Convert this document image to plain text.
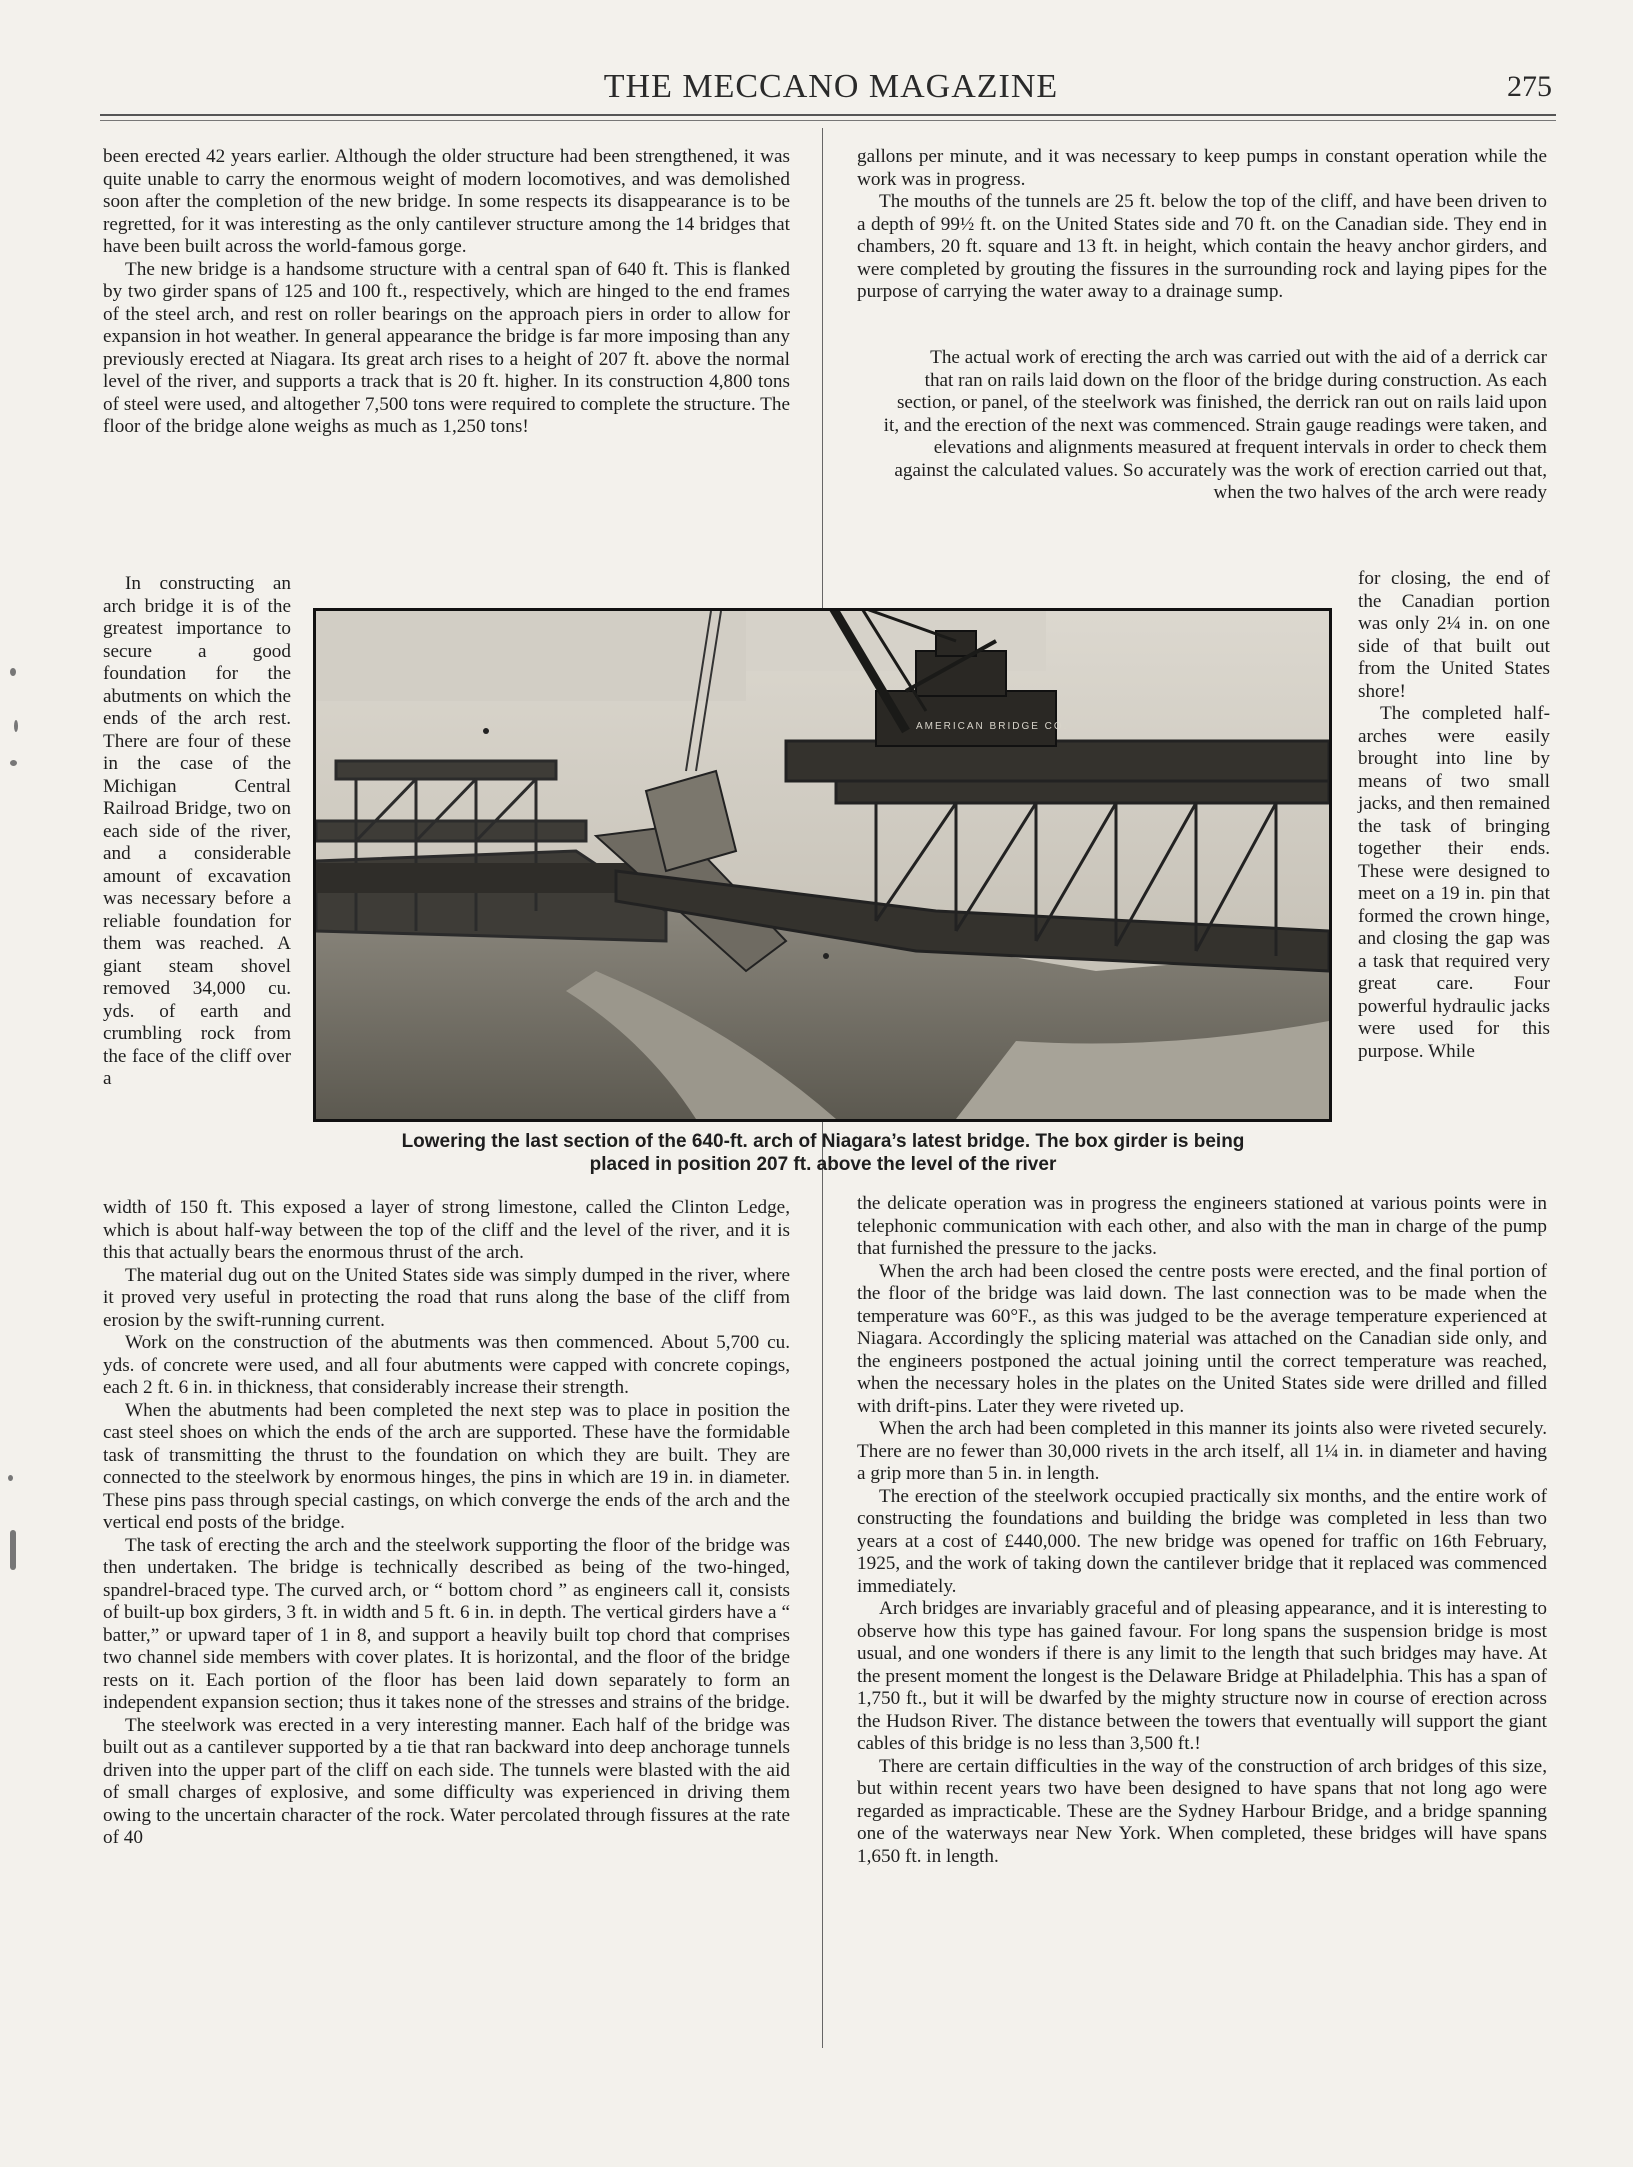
THE MECCANO MAGAZINE	275

been erected 42 years earlier. Although the older structure had been strengthened, it was quite unable to carry the enormous weight of modern locomotives, and was demolished soon after the completion of the new bridge. In some respects its disappearance is to be regretted, for it was interesting as the only cantilever structure among the 14 bridges that have been built across the world-famous gorge.

The new bridge is a handsome structure with a central span of 640 ft. This is flanked by two girder spans of 125 and 100 ft., respectively, which are hinged to the end frames of the steel arch, and rest on roller bearings on the approach piers in order to allow for expansion in hot weather. In general appearance the bridge is far more imposing than any previously erected at Niagara. Its great arch rises to a height of 207 ft. above the normal level of the river, and supports a track that is 20 ft. higher. In its construction 4,800 tons of steel were used, and altogether 7,500 tons were required to complete the structure. The floor of the bridge alone weighs as much as 1,250 tons!

In constructing an arch bridge it is of the greatest importance to secure a good foundation for the abutments on which the ends of the arch rest. There are four of these in the case of the Michigan Central Railroad Bridge, two on each side of the river, and a considerable amount of excavation was necessary before a reliable foundation for them was reached. A giant steam shovel removed 34,000 cu. yds. of earth and crumbling rock from the face of the cliff over a

width of 150 ft. This exposed a layer of strong limestone, called the Clinton Ledge, which is about half-way between the top of the cliff and the level of the river, and it is this that actually bears the enormous thrust of the arch.

The material dug out on the United States side was simply dumped in the river, where it proved very useful in protecting the road that runs along the base of the cliff from erosion by the swift-running current.

Work on the construction of the abutments was then commenced. About 5,700 cu. yds. of concrete were used, and all four abutments were capped with concrete copings, each 2 ft. 6 in. in thickness, that considerably increase their strength.

When the abutments had been completed the next step was to place in position the cast steel shoes on which the ends of the arch are supported. These have the formidable task of transmitting the thrust to the foundation on which they are built. They are connected to the steelwork by enormous hinges, the pins in which are 19 in. in diameter. These pins pass through special castings, on which converge the ends of the arch and the vertical end posts of the bridge.

The task of erecting the arch and the steelwork supporting the floor of the bridge was then undertaken. The bridge is technically described as being of the two-hinged, spandrel-braced type. The curved arch, or “ bottom chord ” as engineers call it, consists of built-up box girders, 3 ft. in width and 5 ft. 6 in. in depth. The vertical girders have a “ batter,” or upward taper of 1 in 8, and support a heavily built top chord that comprises two channel side members with cover plates. It is horizontal, and the floor of the bridge rests on it. Each portion of the floor has been laid down separately to form an independent expansion section; thus it takes none of the stresses and strains of the bridge.

The steelwork was erected in a very interesting manner. Each half of the bridge was built out as a cantilever supported by a tie that ran backward into deep anchorage tunnels driven into the upper part of the cliff on each side. The tunnels were blasted with the aid of small charges of explosive, and some difficulty was experienced in driving them owing to the uncertain character of the rock. Water percolated through fissures at the rate of 40

gallons per minute, and it was necessary to keep pumps in constant operation while the work was in progress.

The mouths of the tunnels are 25 ft. below the top of the cliff, and have been driven to a depth of 99½ ft. on the United States side and 70 ft. on the Canadian side. They end in chambers, 20 ft. square and 13 ft. in height, which contain the heavy anchor girders, and were completed by grouting the fissures in the surrounding rock and laying pipes for the purpose of carrying the water away to a drainage sump.

The actual work of erecting the arch was carried out with the aid of a derrick car that ran on rails laid down on the floor of the bridge during construction. As each section, or panel, of the steelwork was finished, the derrick ran out on rails laid upon it, and the erection of the next was commenced. Strain gauge readings were taken, and elevations and alignments measured at frequent intervals in order to check them against the calculated values. So accurately was the work of erection carried out that, when the two halves of the arch were ready

for closing, the end of the Canadian portion was only 2¼ in. on one side of that built out from the United States shore!

The completed half-arches were easily brought into line by means of two small jacks, and then remained the task of bringing together their ends. These were designed to meet on a 19 in. pin that formed the crown hinge, and closing the gap was a task that required very great care. Four powerful hydraulic jacks were used for this purpose. While

the delicate operation was in progress the engineers stationed at various points were in telephonic communication with each other, and also with the man in charge of the pump that furnished the pressure to the jacks.

When the arch had been closed the centre posts were erected, and the final portion of the floor of the bridge was laid down. The last connection was to be made when the temperature was 60°F., as this was judged to be the average temperature experienced at Niagara. Accordingly the splicing material was attached on the Canadian side only, and the engineers postponed the actual joining until the correct temperature was reached, when the necessary holes in the plates on the United States side were drilled and filled with drift-pins. Later they were riveted up.

When the arch had been completed in this manner its joints also were riveted securely. There are no fewer than 30,000 rivets in the arch itself, all 1¼ in. in diameter and having a grip more than 5 in. in length.

The erection of the steelwork occupied practically six months, and the entire work of constructing the foundations and building the bridge was completed in less than two years at a cost of £440,000. The new bridge was opened for traffic on 16th February, 1925, and the work of taking down the cantilever bridge that it replaced was commenced immediately.

Arch bridges are invariably graceful and of pleasing appearance, and it is interesting to observe how this type has gained favour. For long spans the suspension bridge is most usual, and one wonders if there is any limit to the length that such bridges may have. At the present moment the longest is the Delaware Bridge at Philadelphia. This has a span of 1,750 ft., but it will be dwarfed by the mighty structure now in course of erection across the Hudson River. The distance between the towers that eventually will support the giant cables of this bridge is no less than 3,500 ft.!

There are certain difficulties in the way of the construction of arch bridges of this size, but within recent years two have been designed to have spans that not long ago were regarded as impracticable. These are the Sydney Harbour Bridge, and a bridge spanning one of the waterways near New York. When completed, these bridges will have spans 1,650 ft. in length.

AMERICAN BRIDGE CO.
Lowering the last section of the 640-ft. arch of Niagara’s latest bridge. The box girder is being
placed in position 207 ft. above the level of the river
